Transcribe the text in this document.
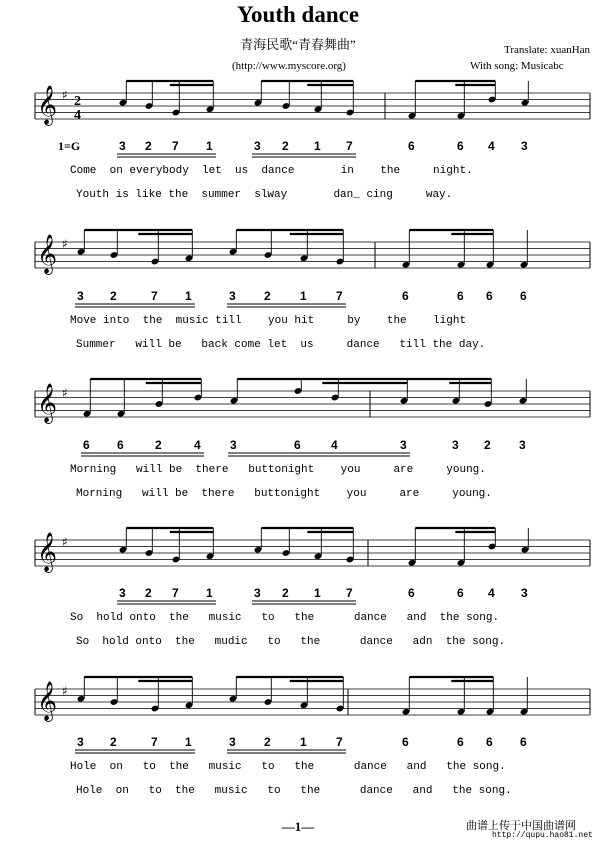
Youth dance
青海民歌“青春舞曲”	Translate: xuanHan
(http://www.myscore.org)	With song: Musicabc
1=G
𝄞 ♯ 2
4
𝄞 ♯
𝄞 ♯
𝄞 ♯
𝄞 ♯
3 2 7 1	3 2 1 7	6	6 4 3
3 2	7 1	3 2 1 7	6	6 6 6
6 6	2	4 3	6	4	3	3 2 3
3 2 7 1	3 2 1 7	6	6 4 3
3 2	7 1	3 2 1 7	6	6 6 6
Come  on everybody  let  us  dance       in    the     night.
Youth is like the  summer  slway       dan_ cing     way.
Move into  the  music till    you hit     by    the    light
Summer   will be   back come let  us     dance   till the day.
Morning   will be  there   buttonight    you     are     young.
Morning   will be  there   buttonight    you     are     young.
So  hold onto  the   music   to   the      dance   and  the song.
So  hold onto  the   mudic   to   the      dance   adn  the song.
Hole  on   to  the   music   to   the      dance   and   the song.
Hole  on   to  the   music   to   the      dance   and   the song.
—1—	曲谱上传于中国曲谱网
http://qupu.hao81.net
